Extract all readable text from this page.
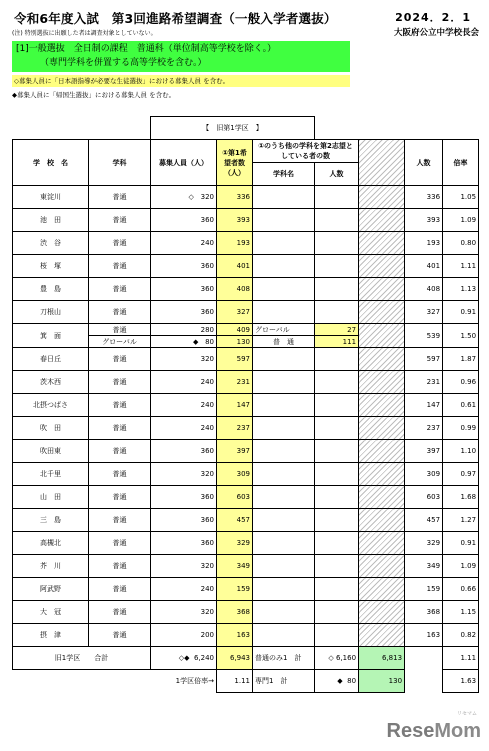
令和6年度入試　第3回進路希望調査（一般入学者選抜）	2024．2．1
大阪府公立中学校長会
(注) 特別選抜に出願した者は調査対象としていない。
[1]一般選抜　全日制の課程　普通科（単位制高等学校を除く。）
（専門学科を併置する高等学校を含む。）
◇募集人員に「日本語指導が必要な生徒選抜」における募集人員 を含む。
◆募集人員に「帰国生選抜」における募集人員 を含む。
		【　旧第1学区　】						
学　校　名	学科	募集人員（人）	①第1希望者数（人）	①のうち他の学科を第2志望としている者の数			人数	倍率
				学科名	人数			
東淀川	普通	◇ 320	336				336	1.05
池　田	普通	360	393				393	1.09
渋　谷	普通	240	193				193	0.80
桜　塚	普通	360	401				401	1.11
豊　島	普通	360	408				408	1.13
刀根山	普通	360	327				327	0.91
箕　面	普通	280	409	グローバル	27		539	1.50
	グローバル	◆ 80	130	普　通	111			
春日丘	普通	320	597				597	1.87
茨木西	普通	240	231				231	0.96
北摂つばさ	普通	240	147				147	0.61
吹　田	普通	240	237				237	0.99
吹田東	普通	360	397				397	1.10
北千里	普通	320	309				309	0.97
山　田	普通	360	603				603	1.68
三　島	普通	360	457				457	1.27
高槻北	普通	360	329				329	0.91
芥　川	普通	320	349				349	1.09
阿武野	普通	240	159				159	0.66
大　冠	普通	320	368				368	1.15
摂　津	普通	200	163				163	0.82
旧1学区　　合計		◇◆ 6,240	6,943	普通のみ1　計	◇ 6,160	6,813		1.11
	1学区倍率→		1.11	専門1　計	◆ 80	130		1.63
リセマム
ReseMom
